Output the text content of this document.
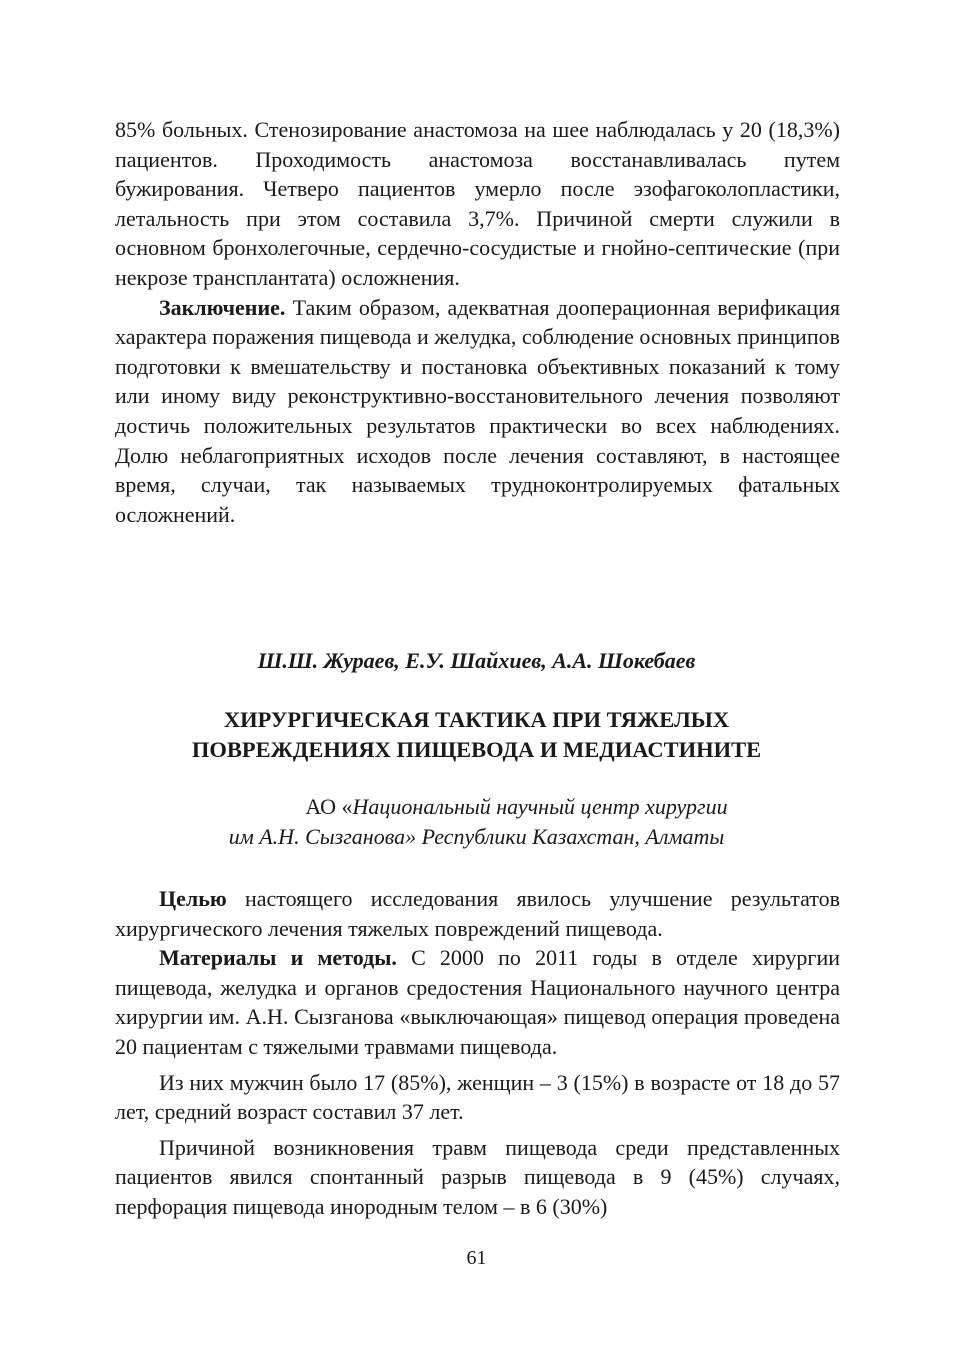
85% больных. Стенозирование анастомоза на шее наблюдалась у 20 (18,3%) пациентов. Проходимость анастомоза восстанавливалась путем бужирования. Четверо пациентов умерло после эзофагоколопластики, летальность при этом составила 3,7%. Причиной смерти служили в основном бронхолегочные, сердечно-сосудистые и гнойно-септические (при некрозе трансплантата) осложнения.

Заключение. Таким образом, адекватная дооперационная верификация характера поражения пищевода и желудка, соблюдение основных принципов подготовки к вмешательству и постановка объективных показаний к тому или иному виду реконструктивно-восстановительного лечения позволяют достичь положительных результатов практически во всех наблюдениях. Долю неблагоприятных исходов после лечения составляют, в настоящее время, случаи, так называемых трудноконтролируемых фатальных осложнений.

Ш.Ш. Жураев, Е.У. Шайхиев, А.А. Шокебаев
ХИРУРГИЧЕСКАЯ ТАКТИКА ПРИ ТЯЖЕЛЫХ
ПОВРЕЖДЕНИЯХ ПИЩЕВОДА И МЕДИАСТИНИТЕ
АО «Национальный научный центр хирургии
им А.Н. Сызганова» Республики Казахстан, Алматы

Целью настоящего исследования явилось улучшение результатов хирургического лечения тяжелых повреждений пищевода.

Материалы и методы. С 2000 по 2011 годы в отделе хирургии пищевода, желудка и органов средостения Национального научного центра хирургии им. А.Н. Сызганова «выключающая» пищевод операция проведена 20 пациентам с тяжелыми травмами пищевода.

Из них мужчин было 17 (85%), женщин – 3 (15%) в возрасте от 18 до 57 лет, средний возраст составил 37 лет.

Причиной возникновения травм пищевода среди представленных пациентов явился спонтанный разрыв пищевода в 9 (45%) случаях, перфорация пищевода инородным телом – в 6 (30%)

61
